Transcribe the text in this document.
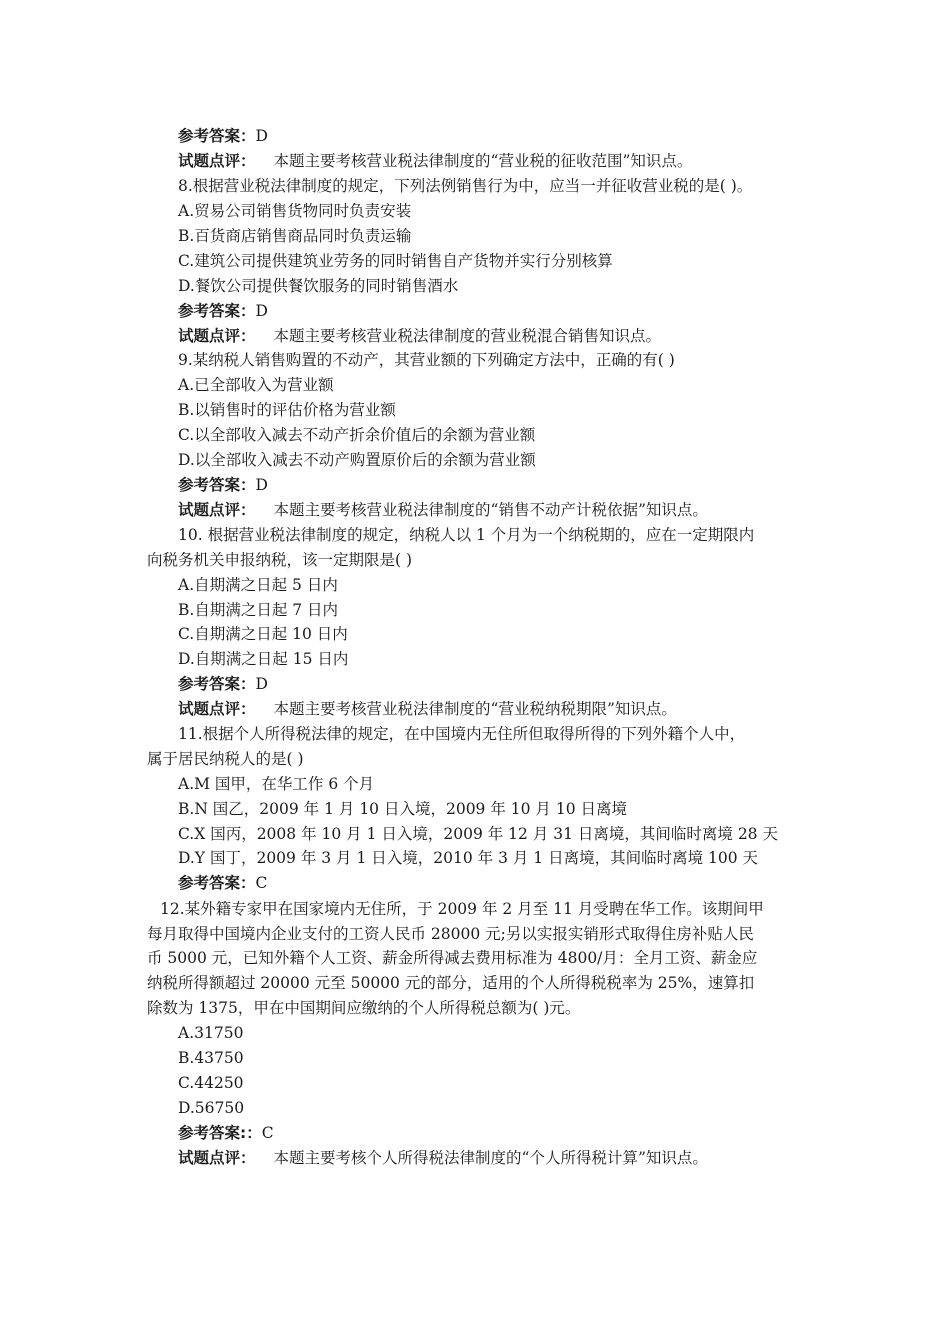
参考答案：D
试题点评： 本题主要考核营业税法律制度的“营业税的征收范围”知识点。
8.根据营业税法律制度的规定，下列法例销售行为中，应当一并征收营业税的是( )。
A.贸易公司销售货物同时负责安装
B.百货商店销售商品同时负责运输
C.建筑公司提供建筑业劳务的同时销售自产货物并实行分别核算
D.餐饮公司提供餐饮服务的同时销售酒水
参考答案：D
试题点评： 本题主要考核营业税法律制度的营业税混合销售知识点。
9.某纳税人销售购置的不动产，其营业额的下列确定方法中，正确的有( )
A.已全部收入为营业额
B.以销售时的评估价格为营业额
C.以全部收入减去不动产折余价值后的余额为营业额
D.以全部收入减去不动产购置原价后的余额为营业额
参考答案：D
试题点评： 本题主要考核营业税法律制度的“销售不动产计税依据”知识点。
10. 根据营业税法律制度的规定，纳税人以 1 个月为一个纳税期的，应在一定期限内
向税务机关申报纳税，该一定期限是( )
A.自期满之日起 5 日内
B.自期满之日起 7 日内
C.自期满之日起 10 日内
D.自期满之日起 15 日内
参考答案：D
试题点评： 本题主要考核营业税法律制度的“营业税纳税期限”知识点。
11.根据个人所得税法律的规定，在中国境内无住所但取得所得的下列外籍个人中，
属于居民纳税人的是( )
A.M 国甲，在华工作 6 个月
B.N 国乙，2009 年 1 月 10 日入境，2009 年 10 月 10 日离境
C.X 国丙，2008 年 10 月 1 日入境，2009 年 12 月 31 日离境，其间临时离境 28 天
D.Y 国丁，2009 年 3 月 1 日入境，2010 年 3 月 1 日离境，其间临时离境 100 天
参考答案：C
12.某外籍专家甲在国家境内无住所，于 2009 年 2 月至 11 月受聘在华工作。该期间甲
每月取得中国境内企业支付的工资人民币 28000 元;另以实报实销形式取得住房补贴人民
币 5000 元，已知外籍个人工资、薪金所得减去费用标准为 4800/月：全月工资、薪金应
纳税所得额超过 20000 元至 50000 元的部分，适用的个人所得税税率为 25%，速算扣
除数为 1375，甲在中国期间应缴纳的个人所得税总额为( )元。
A.31750
B.43750
C.44250
D.56750
参考答案:：C
试题点评： 本题主要考核个人所得税法律制度的“个人所得税计算”知识点。
